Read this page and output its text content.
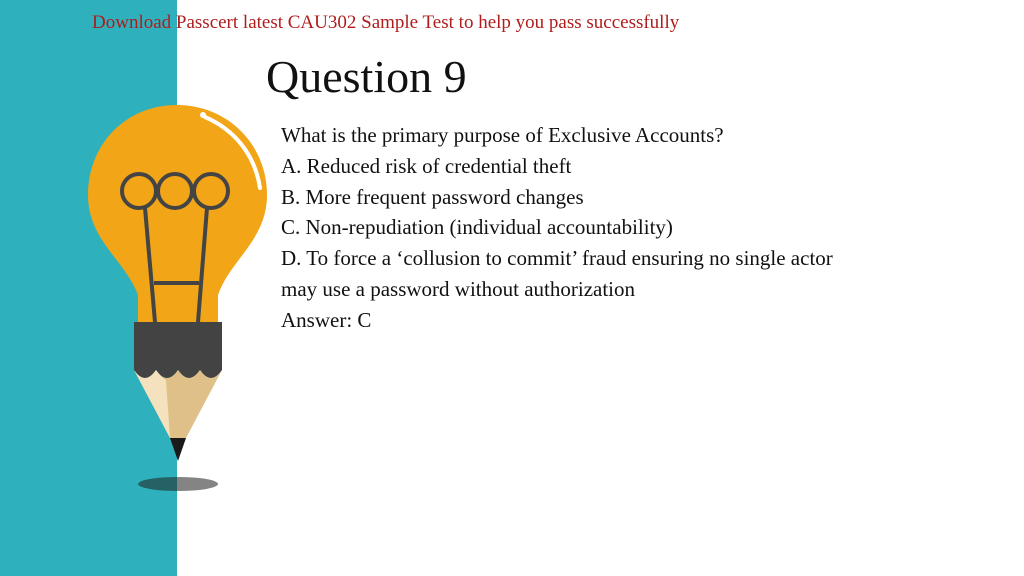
Download Passcert latest CAU302 Sample Test to help you pass successfully
Question 9
What is the primary purpose of Exclusive Accounts?
A. Reduced risk of credential theft
B. More frequent password changes
C. Non-repudiation (individual accountability)
D. To force a ‘collusion to commit’ fraud ensuring no single actor
may use a password without authorization
Answer: C
